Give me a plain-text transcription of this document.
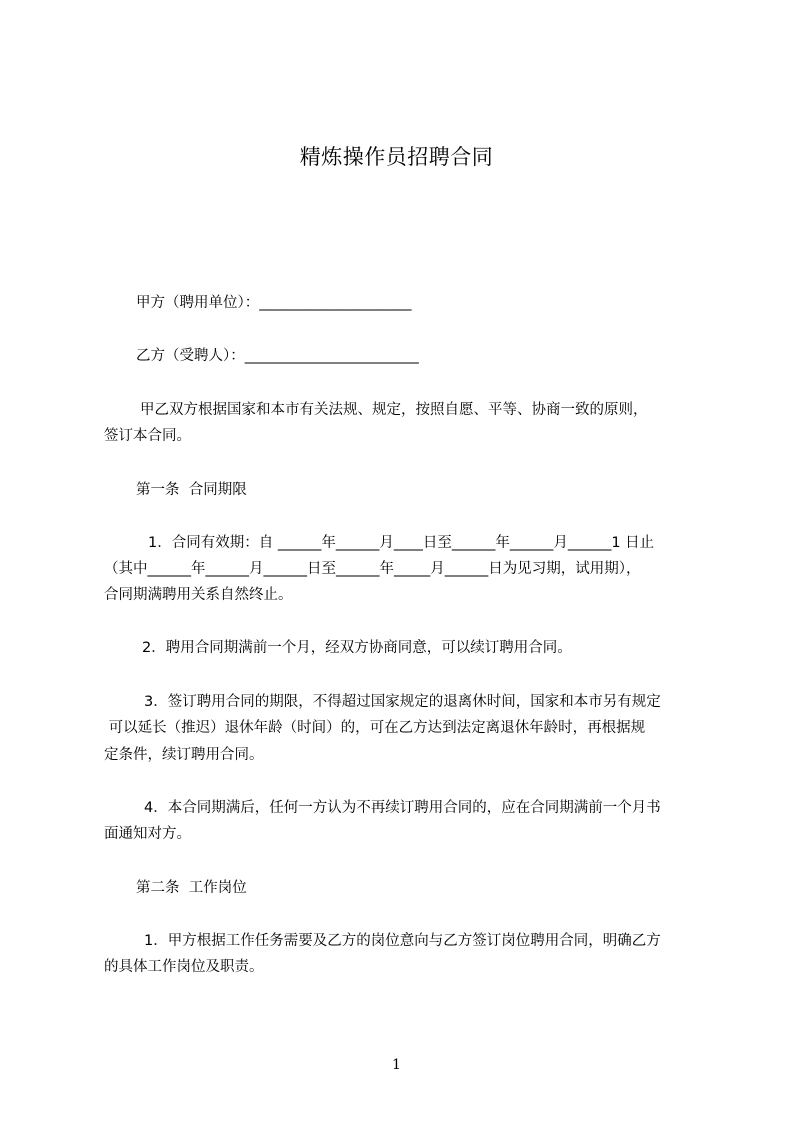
精炼操作员招聘合同

甲方（聘用单位）：_____________________

乙方（受聘人）：________________________

甲乙双方根据国家和本市有关法规、规定，按照自愿、平等、协商一致的原则，

签订本合同。

第一条  合同期限

1．合同有效期：自 ______年______月____日至______年______月______1 日止

（其中______年______月______日至______年_____月______日为见习期，试用期），

合同期满聘用关系自然终止。

2．聘用合同期满前一个月，经双方协商同意，可以续订聘用合同。

3．签订聘用合同的期限，不得超过国家规定的退离休时间，国家和本市另有规定

可以延长（推迟）退休年龄（时间）的，可在乙方达到法定离退休年龄时，再根据规

定条件，续订聘用合同。

4．本合同期满后，任何一方认为不再续订聘用合同的，应在合同期满前一个月书

面通知对方。

第二条  工作岗位

1．甲方根据工作任务需要及乙方的岗位意向与乙方签订岗位聘用合同，明确乙方

的具体工作岗位及职责。

1
